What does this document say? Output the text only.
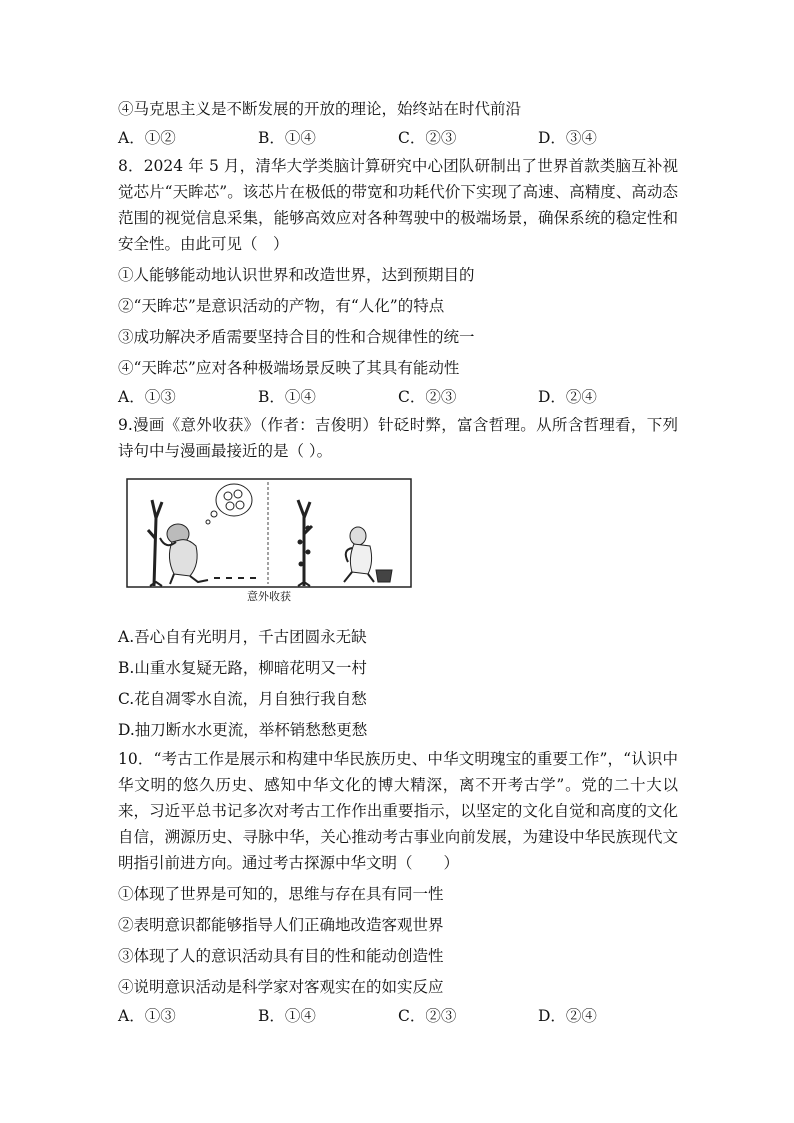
④马克思主义是不断发展的开放的理论，始终站在时代前沿
A．①②	B．①④	C．②③	D．③④
8．2024 年 5 月，清华大学类脑计算研究中心团队研制出了世界首款类脑互补视觉芯片“天眸芯”。该芯片在极低的带宽和功耗代价下实现了高速、高精度、高动态范围的视觉信息采集，能够高效应对各种驾驶中的极端场景，确保系统的稳定性和安全性。由此可见（　）
①人能够能动地认识世界和改造世界，达到预期目的
②“天眸芯”是意识活动的产物，有“人化”的特点
③成功解决矛盾需要坚持合目的性和合规律性的统一
④“天眸芯”应对各种极端场景反映了其具有能动性
A．①③	B．①④	C．②③	D．②④
9.漫画《意外收获》（作者：吉俊明）针砭时弊，富含哲理。从所含哲理看，下列诗句中与漫画最接近的是（ ）。
意外收获
A.吾心自有光明月，千古团圆永无缺
B.山重水复疑无路，柳暗花明又一村
C.花自凋零水自流，月自独行我自愁
D.抽刀断水水更流，举杯销愁愁更愁
10．“考古工作是展示和构建中华民族历史、中华文明瑰宝的重要工作”，“认识中华文明的悠久历史、感知中华文化的博大精深，离不开考古学”。党的二十大以来，习近平总书记多次对考古工作作出重要指示，以坚定的文化自觉和高度的文化自信，溯源历史、寻脉中华，关心推动考古事业向前发展，为建设中华民族现代文明指引前进方向。通过考古探源中华文明（　　）
①体现了世界是可知的，思维与存在具有同一性
②表明意识都能够指导人们正确地改造客观世界
③体现了人的意识活动具有目的性和能动创造性
④说明意识活动是科学家对客观实在的如实反应
A．①③	B．①④	C．②③	D．②④
